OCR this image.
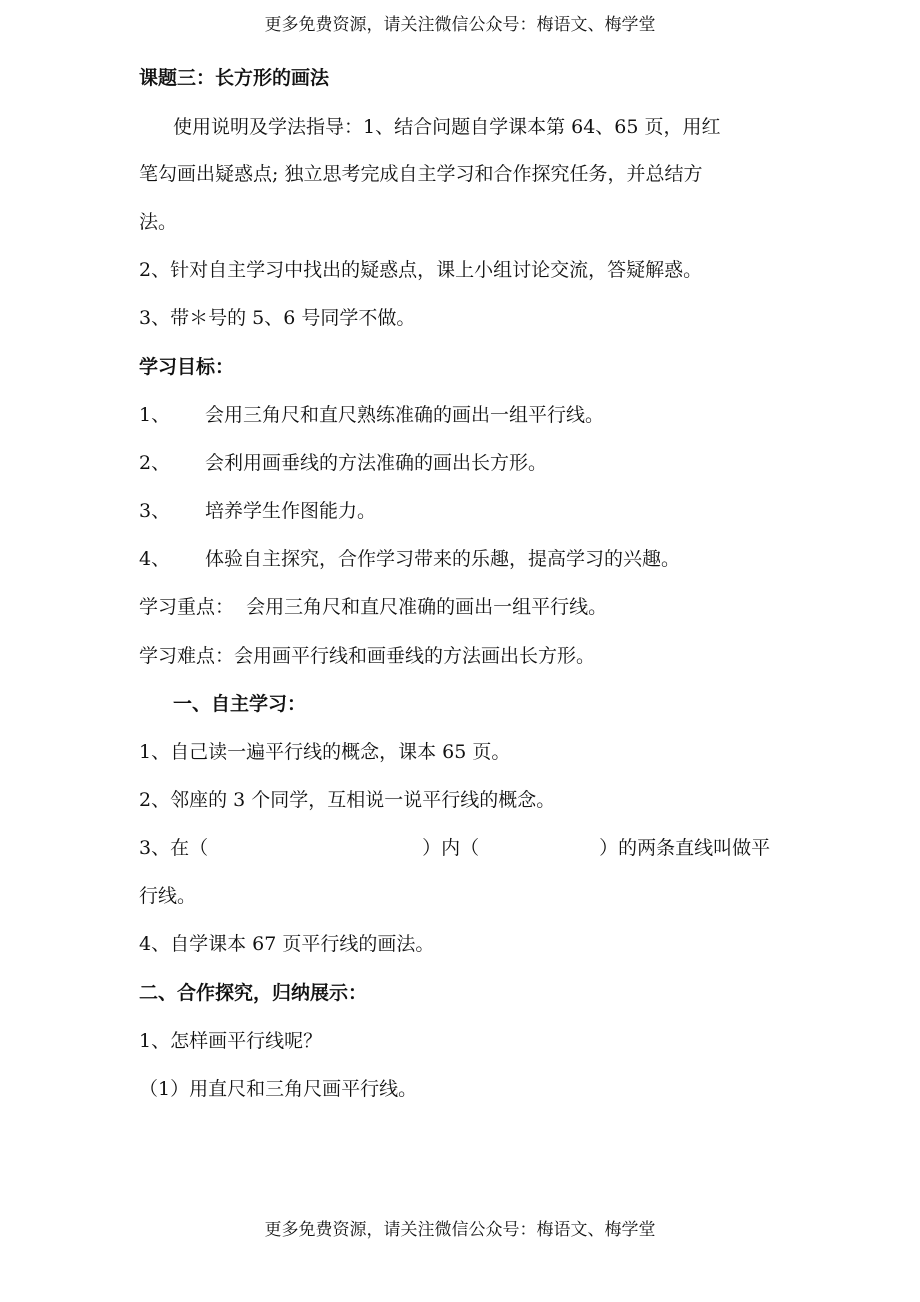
更多免费资源，请关注微信公众号：梅语文、梅学堂
课题三：长方形的画法
使用说明及学法指导：1、结合问题自学课本第 64、65 页，用红
笔勾画出疑惑点; 独立思考完成自主学习和合作探究任务，并总结方
法。
2、针对自主学习中找出的疑惑点，课上小组讨论交流，答疑解惑。
3、带＊号的 5、6 号同学不做。
学习目标：
1、 会用三角尺和直尺熟练准确的画出一组平行线。
2、 会利用画垂线的方法准确的画出长方形。
3、 培养学生作图能力。
4、 体验自主探究，合作学习带来的乐趣，提高学习的兴趣。
学习重点：  会用三角尺和直尺准确的画出一组平行线。
学习难点：会用画平行线和画垂线的方法画出长方形。
一、自主学习：
1、自己读一遍平行线的概念，课本 65 页。
2、邻座的 3 个同学，互相说一说平行线的概念。
3、在（	）内（	）的两条直线叫做平
行线。
4、自学课本 67 页平行线的画法。
二、合作探究，归纳展示：
1、怎样画平行线呢？
（1）用直尺和三角尺画平行线。
更多免费资源，请关注微信公众号：梅语文、梅学堂
